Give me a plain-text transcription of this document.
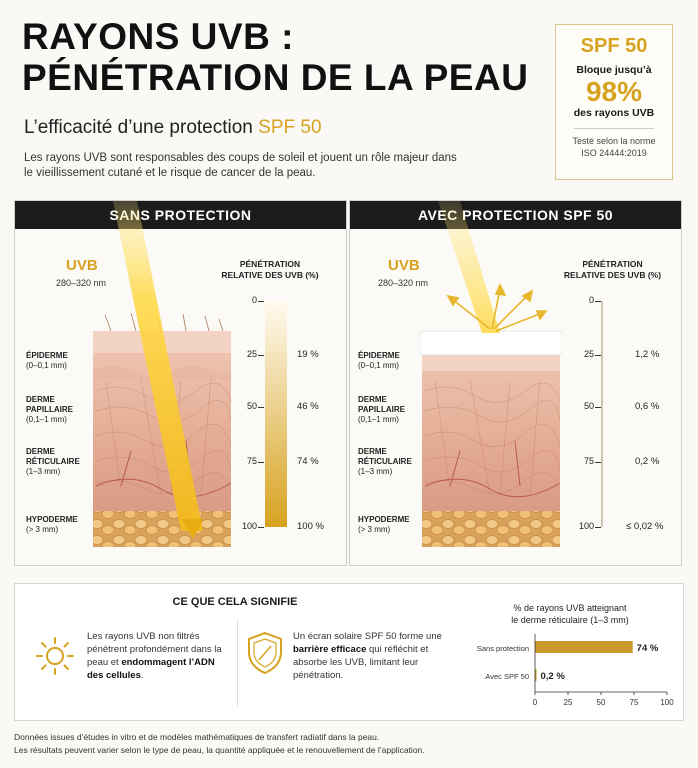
RAYONS UVB :
PÉNÉTRATION DE LA PEAU
L’efficacité d’une protection SPF 50
Les rayons UVB sont responsables des coups de soleil et jouent un rôle majeur dans le vieillissement cutané et le risque de cancer de la peau.
SPF 50
Bloque jusqu’à
98%
des rayons UVB
Testé selon la norme
ISO 24444:2019
SANS PROTECTION
UVB
280–320 nm
PÉNÉTRATION
RELATIVE DES UVB (%)
ÉPIDERME
(0–0,1 mm)
DERME
PAPILLAIRE
(0,1–1 mm)
DERME
RÉTICULAIRE
(1–3 mm)
HYPODERME
(> 3 mm)
0
25
50
75
100
19 %
46 %
74 %
100 %
AVEC PROTECTION SPF 50
UVB
280–320 nm
PÉNÉTRATION
RELATIVE DES UVB (%)
ÉPIDERME
(0–0,1 mm)
DERME
PAPILLAIRE
(0,1–1 mm)
DERME
RÉTICULAIRE
(1–3 mm)
HYPODERME
(> 3 mm)
0
25
50
75
100
1,2 %
0,6 %
0,2 %
≤ 0,02 %
CE QUE CELA SIGNIFIE
Les rayons UVB non filtrés pénètrent profondément dans la peau et endommagent l’ADN des cellules.
Un écran solaire SPF 50 forme une barrière efficace qui réfléchit et absorbe les UVB, limitant leur pénétration.
% de rayons UVB atteignant
le derme réticulaire (1–3 mm)
Sans protection	74 %
Avec SPF 50 0,2 %
0	25	50	75	100
Données issues d’études in vitro et de modèles mathématiques de transfert radiatif dans la peau.
Les résultats peuvent varier selon le type de peau, la quantité appliquée et le renouvellement de l’application.
